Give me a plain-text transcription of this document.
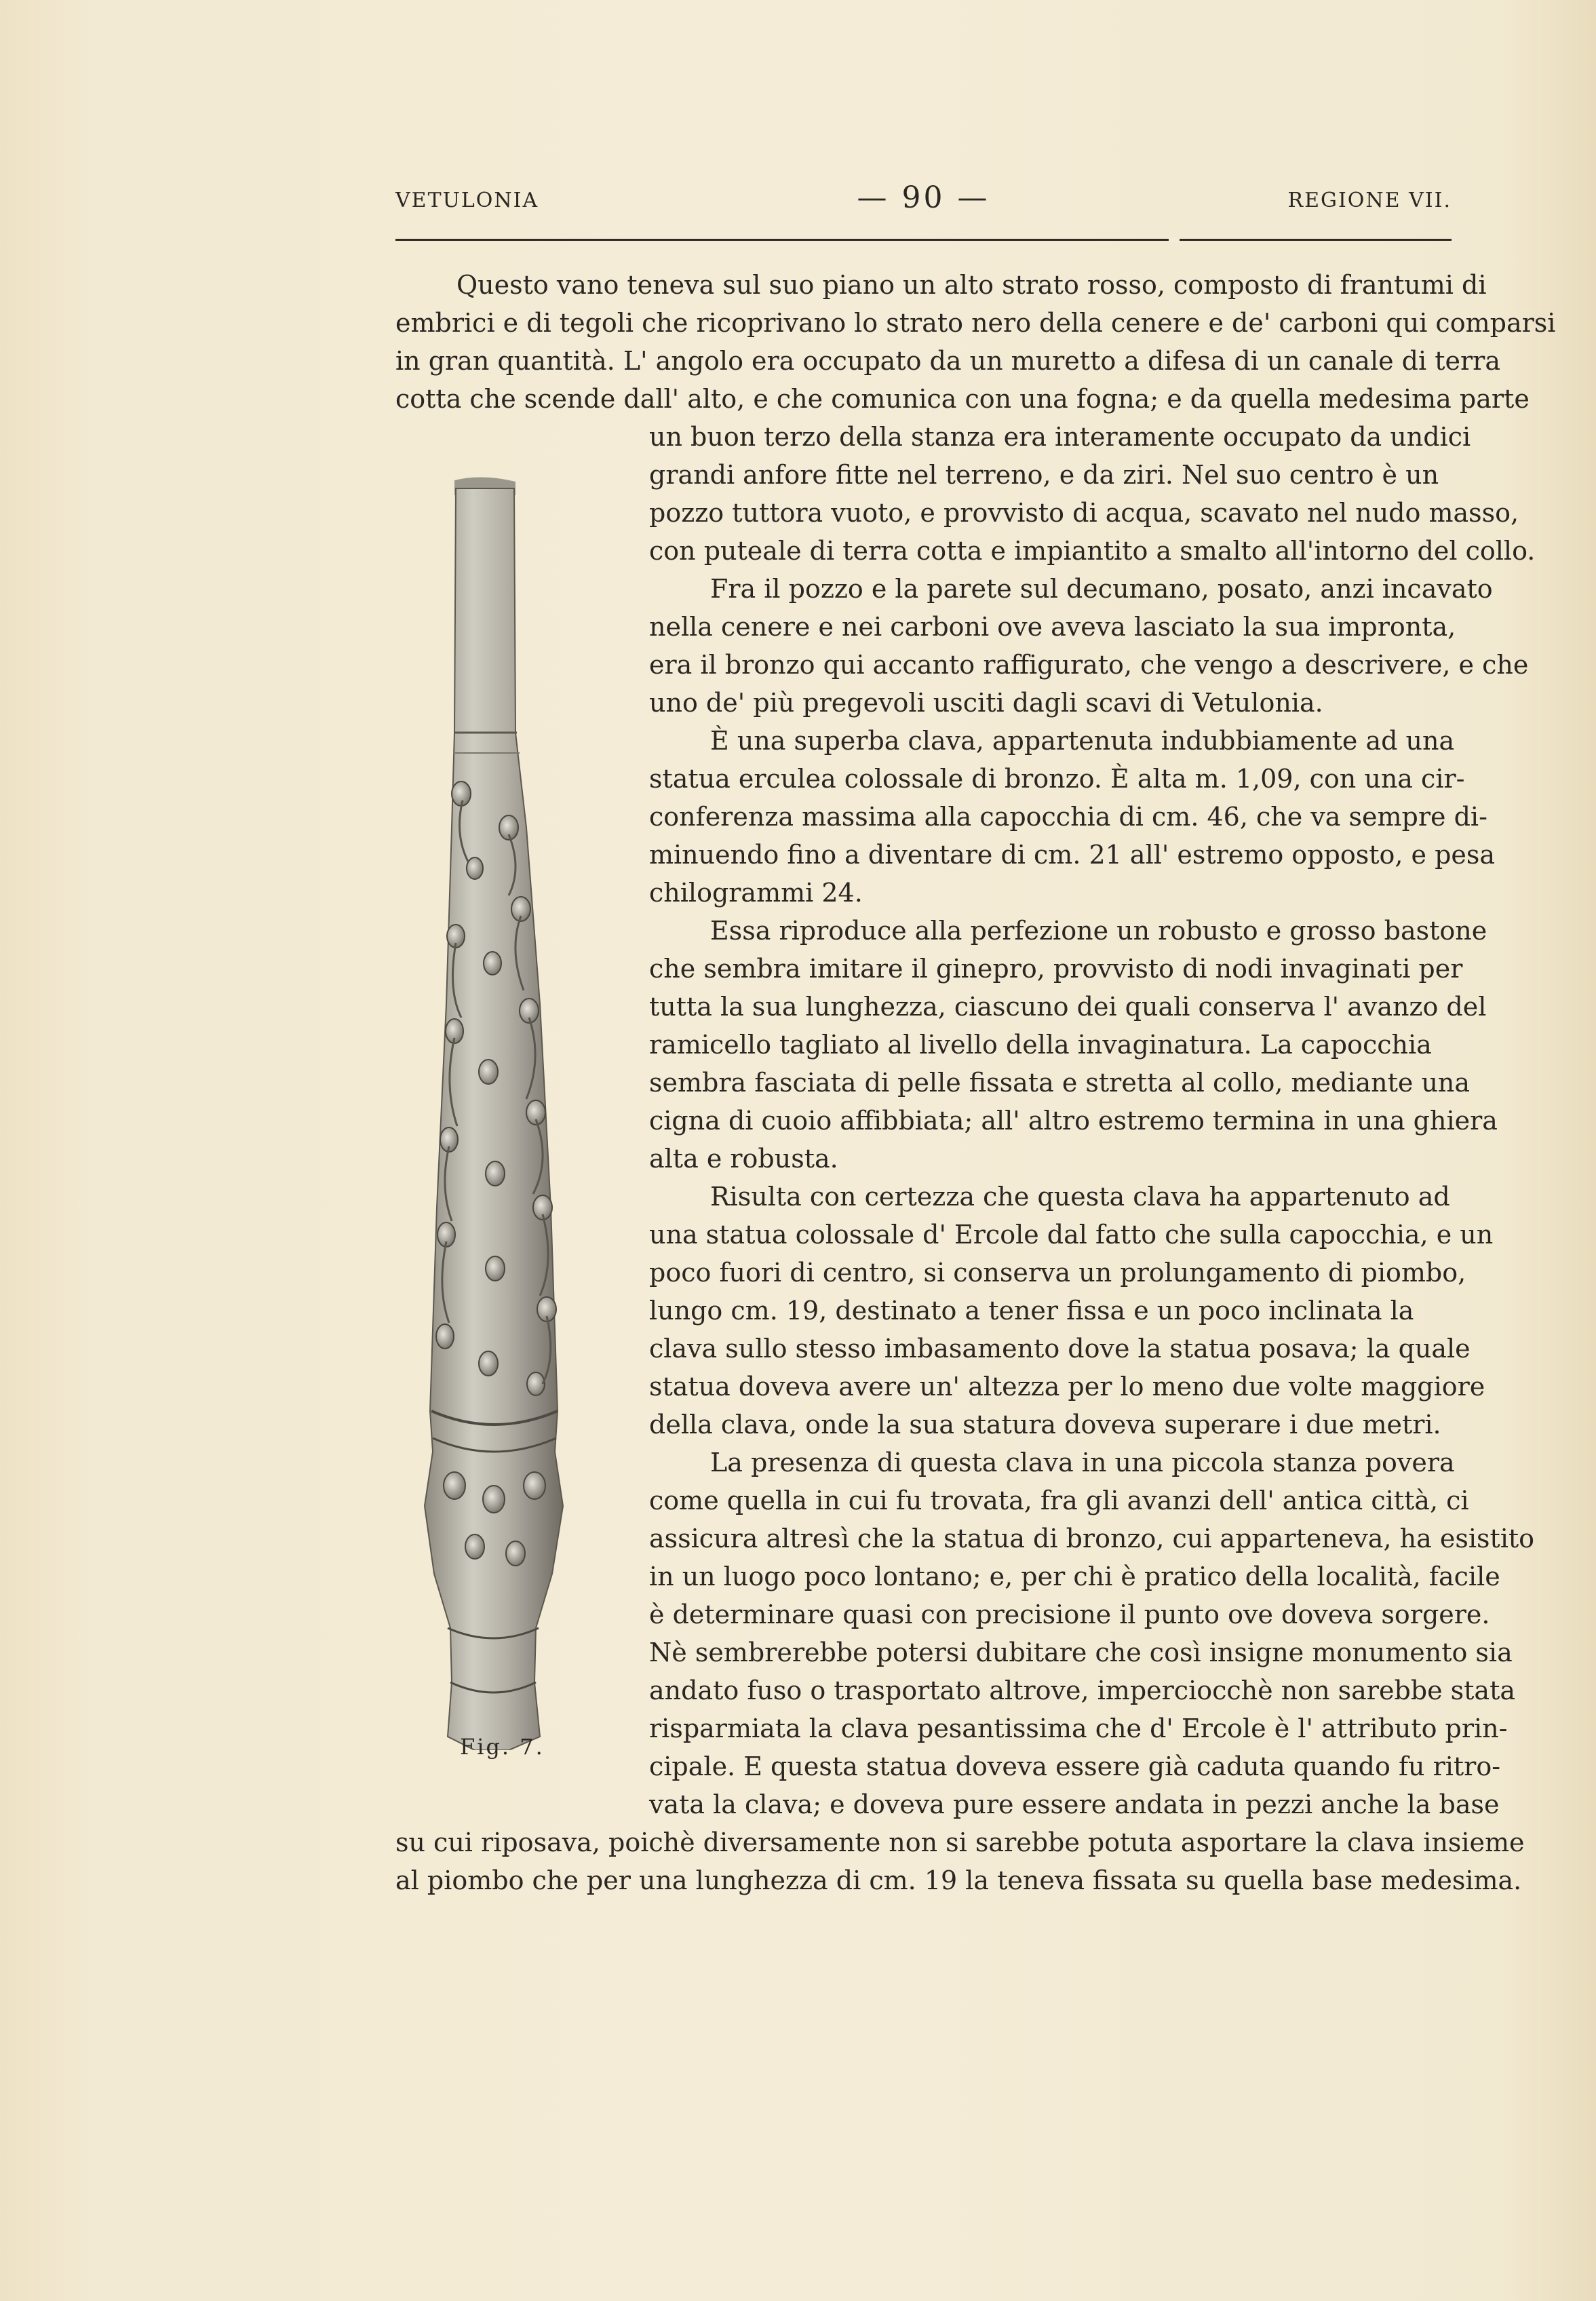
VETULONIA	— 90 —	REGIONE VII.
Questo vano teneva sul suo piano un alto strato rosso, composto di frantumi di
embrici e di tegoli che ricoprivano lo strato nero della cenere e de' carboni qui comparsi
in gran quantità. L' angolo era occupato da un muretto a difesa di un canale di terra
cotta che scende dall' alto, e che comunica con una fogna; e da quella medesima parte
un buon terzo della stanza era interamente occupato da undici
grandi anfore fitte nel terreno, e da ziri. Nel suo centro è un
pozzo tuttora vuoto, e provvisto di acqua, scavato nel nudo masso,
con puteale di terra cotta e impiantito a smalto all'intorno del collo.
Fra il pozzo e la parete sul decumano, posato, anzi incavato
nella cenere e nei carboni ove aveva lasciato la sua impronta,
era il bronzo qui accanto raffigurato, che vengo a descrivere, e che
uno de' più pregevoli usciti dagli scavi di Vetulonia.
È una superba clava, appartenuta indubbiamente ad una
statua erculea colossale di bronzo. È alta m. 1,09, con una cir-
conferenza massima alla capocchia di cm. 46, che va sempre di-
minuendo fino a diventare di cm. 21 all' estremo opposto, e pesa
chilogrammi 24.
Essa riproduce alla perfezione un robusto e grosso bastone
che sembra imitare il ginepro, provvisto di nodi invaginati per
tutta la sua lunghezza, ciascuno dei quali conserva l' avanzo del
ramicello tagliato al livello della invaginatura. La capocchia
sembra fasciata di pelle fissata e stretta al collo, mediante una
cigna di cuoio affibbiata; all' altro estremo termina in una ghiera
alta e robusta.
Risulta con certezza che questa clava ha appartenuto ad
una statua colossale d' Ercole dal fatto che sulla capocchia, e un
poco fuori di centro, si conserva un prolungamento di piombo,
lungo cm. 19, destinato a tener fissa e un poco inclinata la
clava sullo stesso imbasamento dove la statua posava; la quale
statua doveva avere un' altezza per lo meno due volte maggiore
della clava, onde la sua statura doveva superare i due metri.
La presenza di questa clava in una piccola stanza povera
come quella in cui fu trovata, fra gli avanzi dell' antica città, ci
assicura altresì che la statua di bronzo, cui apparteneva, ha esistito
in un luogo poco lontano; e, per chi è pratico della località, facile
è determinare quasi con precisione il punto ove doveva sorgere.
Nè sembrerebbe potersi dubitare che così insigne monumento sia
andato fuso o trasportato altrove, imperciocchè non sarebbe stata
risparmiata la clava pesantissima che d' Ercole è l' attributo prin-
cipale. E questa statua doveva essere già caduta quando fu ritro-
vata la clava; e doveva pure essere andata in pezzi anche la base
su cui riposava, poichè diversamente non si sarebbe potuta asportare la clava insieme
al piombo che per una lunghezza di cm. 19 la teneva fissata su quella base medesima.
Fig. 7.
